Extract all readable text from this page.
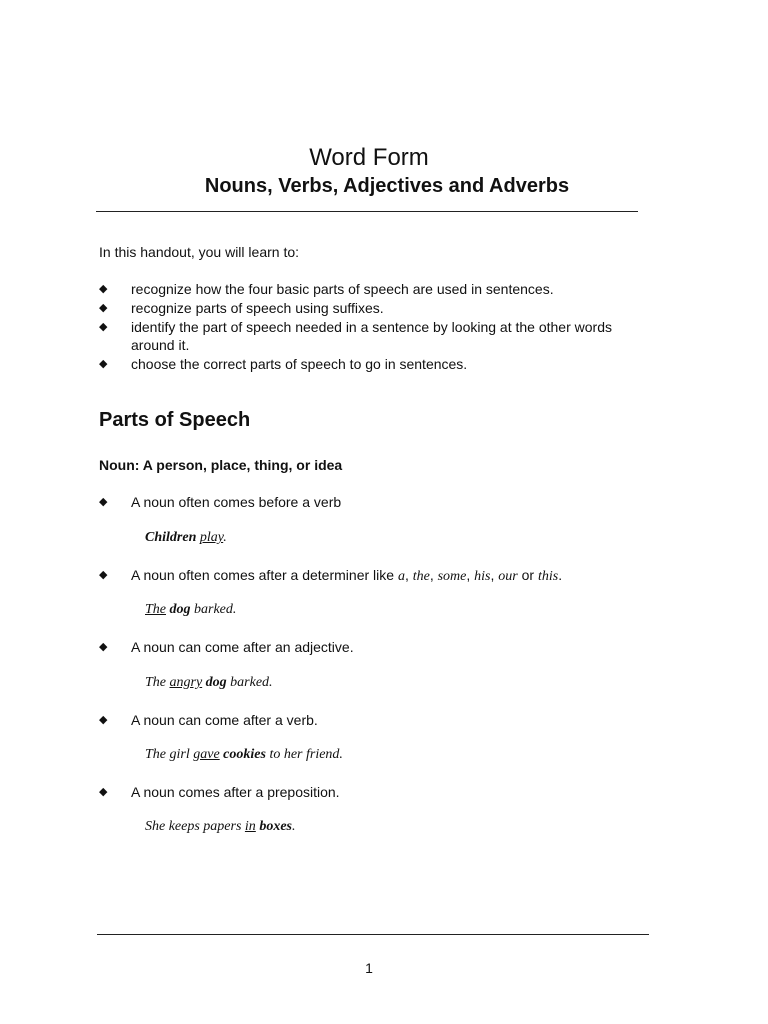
Word Form
Nouns, Verbs, Adjectives and Adverbs
In this handout, you will learn to:
◆ recognize how the four basic parts of speech are used in sentences.
◆ recognize parts of speech using suffixes.
◆ identify the part of speech needed in a sentence by looking at the other words around it.
◆ choose the correct parts of speech to go in sentences.
Parts of Speech
Noun: A person, place, thing, or idea
◆ A noun often comes before a verb
Children play.
◆ A noun often comes after a determiner like a, the, some, his, our or this.
The dog barked.
◆ A noun can come after an adjective.
The angry dog barked.
◆ A noun can come after a verb.
The girl gave cookies to her friend.
◆ A noun comes after a preposition.
She keeps papers in boxes.
1
